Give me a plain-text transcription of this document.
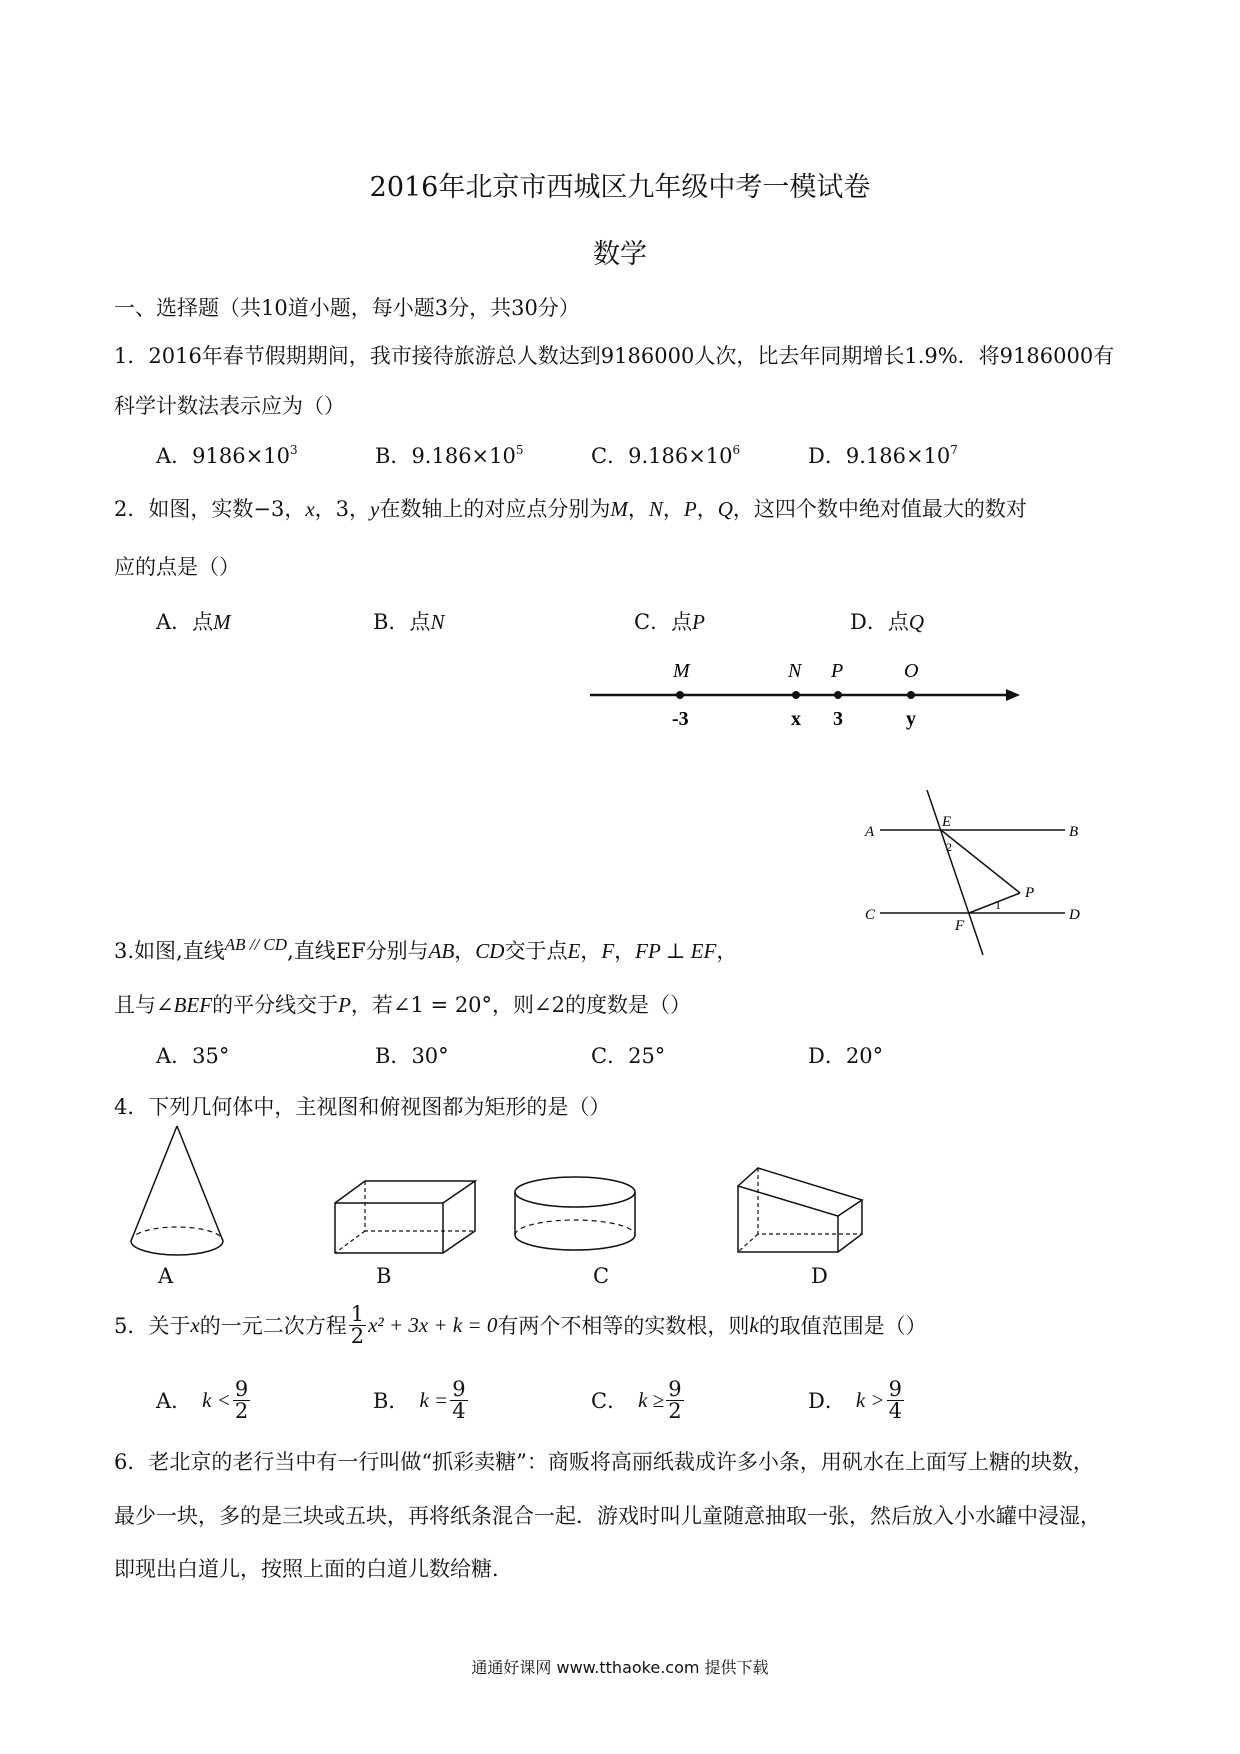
2016年北京市西城区九年级中考一模试卷
数学
一、选择题（共10道小题，每小题3分，共30分）
1．2016年春节假期期间，我市接待旅游总人数达到9186000人次，比去年同期增长1.9%．将9186000有
科学计数法表示应为（）
A．$9186\times 10^3$	B．$9.186\times 10^5$	C．$9.186\times 10^6$	D．$9.186\times 10^7$
2．如图，实数−3，x，3，y在数轴上的对应点分别为M，N，P，Q，这四个数中绝对值最大的数对
应的点是（）
A．点M	B．点N	C．点P	D．点Q
M	N P	O
-3	x 3	y
A	B
C	D
E
F
P
1
2
3.如图,直线$^{AB // CD}$,直线EF分别与AB，CD交于点E，F，FP ⊥ EF，
且与∠BEF的平分线交于P，若∠1 = 20°，则∠2的度数是（）
A．35°	B．30°	C．25°	D．20°
4．下列几何体中，主视图和俯视图都为矩形的是（）
A	B	C	D
5．关于 x 的一元二次方程 $\frac{1}{2} x^2 + 3x + k = 0$ 有两个不相等的实数根，则 k 的取值范围是（）
A． $k < \frac{9}{2}$	B． $k = \frac{9}{4}$	C． $k \ge \frac{9}{2}$	D． $k > \frac{9}{4}$
6．老北京的老行当中有一行叫做“抓彩卖糖”：商贩将高丽纸裁成许多小条，用矾水在上面写上糖的块数，
最少一块，多的是三块或五块，再将纸条混合一起．游戏时叫儿童随意抽取一张，然后放入小水罐中浸湿，
即现出白道儿，按照上面的白道儿数给糖．
通通好课网 www.tthaoke.com 提供下载
